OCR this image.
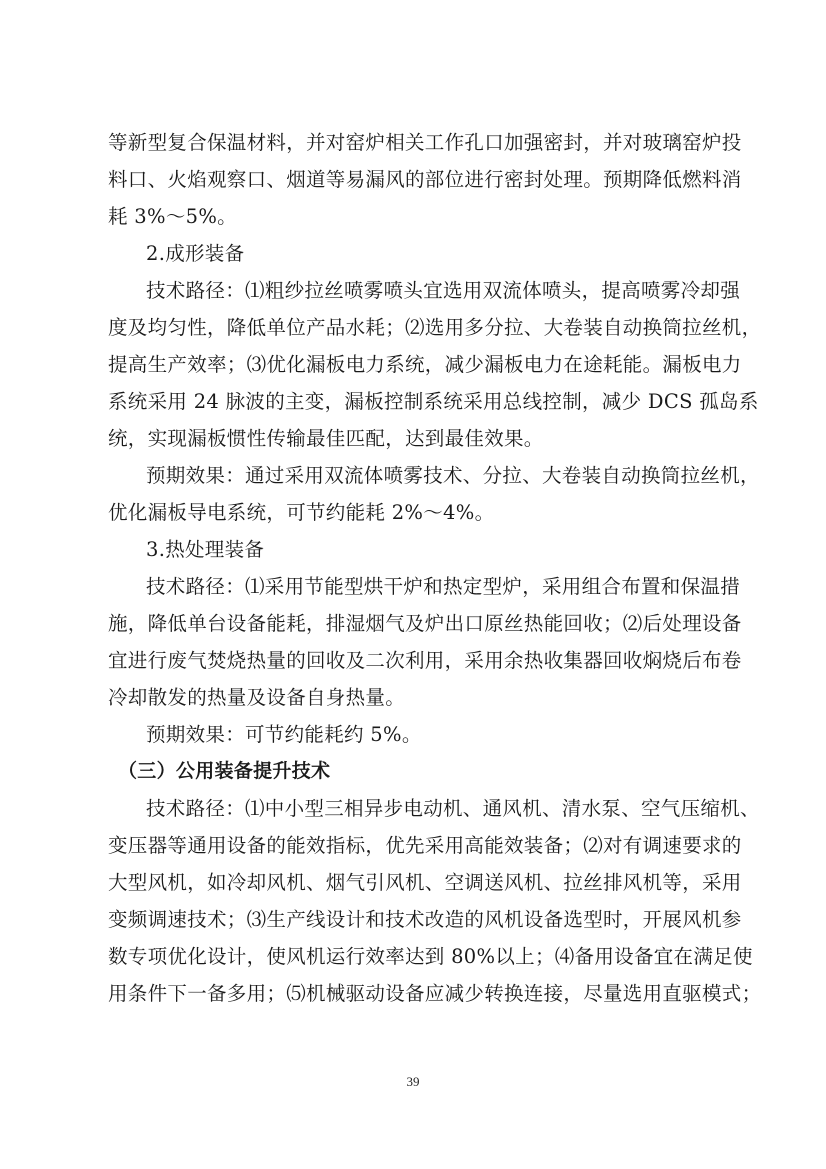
等新型复合保温材料，并对窑炉相关工作孔口加强密封，并对玻璃窑炉投
料口、火焰观察口、烟道等易漏风的部位进行密封处理。预期降低燃料消
耗 3%～5%。
2.成形装备
技术路径：⑴粗纱拉丝喷雾喷头宜选用双流体喷头，提高喷雾冷却强
度及均匀性，降低单位产品水耗；⑵选用多分拉、大卷装自动换筒拉丝机，
提高生产效率；⑶优化漏板电力系统，减少漏板电力在途耗能。漏板电力
系统采用 24 脉波的主变，漏板控制系统采用总线控制，减少 DCS 孤岛系
统，实现漏板惯性传输最佳匹配，达到最佳效果。
预期效果：通过采用双流体喷雾技术、分拉、大卷装自动换筒拉丝机，
优化漏板导电系统，可节约能耗 2%～4%。
3.热处理装备
技术路径：⑴采用节能型烘干炉和热定型炉，采用组合布置和保温措
施，降低单台设备能耗，排湿烟气及炉出口原丝热能回收；⑵后处理设备
宜进行废气焚烧热量的回收及二次利用，采用余热收集器回收焖烧后布卷
冷却散发的热量及设备自身热量。
预期效果：可节约能耗约 5%。
（三）公用装备提升技术
技术路径：⑴中小型三相异步电动机、通风机、清水泵、空气压缩机、
变压器等通用设备的能效指标，优先采用高能效装备；⑵对有调速要求的
大型风机，如冷却风机、烟气引风机、空调送风机、拉丝排风机等，采用
变频调速技术；⑶生产线设计和技术改造的风机设备选型时，开展风机参
数专项优化设计，使风机运行效率达到 80%以上；⑷备用设备宜在满足使
用条件下一备多用；⑸机械驱动设备应减少转换连接，尽量选用直驱模式；
39
